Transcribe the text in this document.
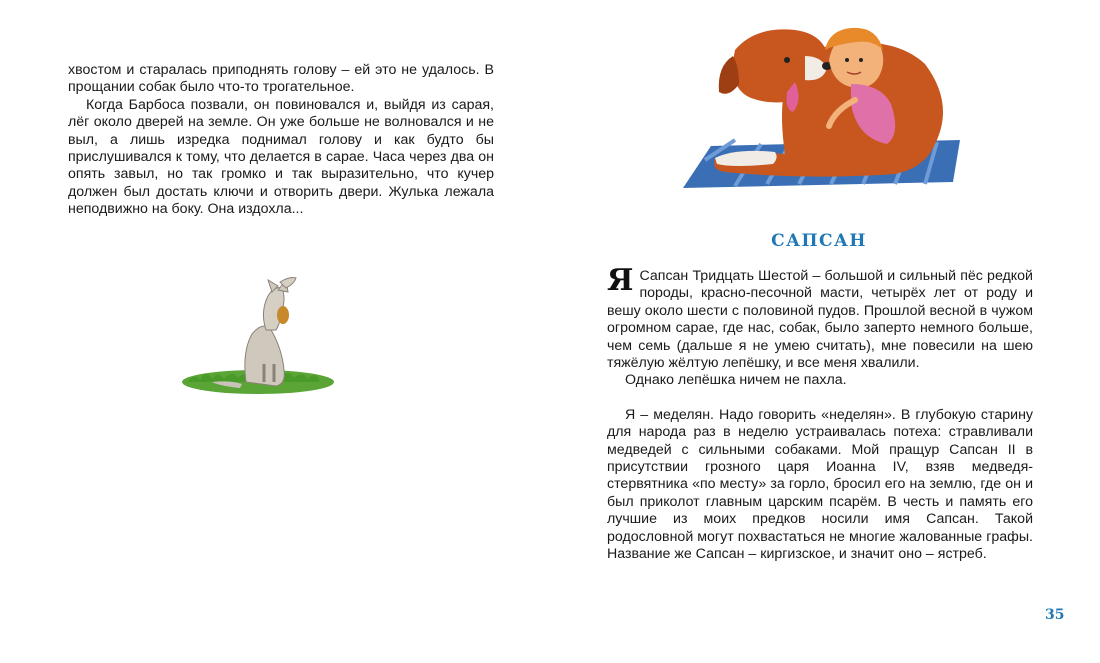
хвостом и старалась приподнять голову – ей это не удалось. В прощании собак было что-то трогательное.

Когда Барбоса позвали, он повиновался и, выйдя из сарая, лёг около дверей на земле. Он уже больше не волновался и не выл, а лишь изредка поднимал голову и как будто бы прислушивался к тому, что делается в сарае. Часа через два он опять завыл, но так громко и так выразительно, что кучер должен был достать ключи и отворить двери. Жулька лежала неподвижно на боку. Она издохла...

САПСАН

Я Сапсан Тридцать Шестой – большой и сильный пёс редкой породы, красно-песочной масти, четырёх лет от роду и вешу около шести с половиной пудов. Прошлой весной в чужом огромном сарае, где нас, собак, было заперто немного больше, чем семь (дальше я не умею считать), мне повесили на шею тяжёлую жёлтую лепёшку, и все меня хвалили.

Однако лепёшка ничем не пахла.

Я – меделян. Надо говорить «неделян». В глубокую старину для народа раз в неделю устраивалась потеха: стравливали медведей с сильными собаками. Мой пращур Сапсан II в присутствии грозного царя Иоанна IV, взяв медведя-стервятника «по месту» за горло, бросил его на землю, где он и был приколот главным царским псарём. В честь и память его лучшие из моих предков носили имя Сапсан. Такой родословной могут похвастаться не многие жалованные графы. Название же Сапсан – киргизское, и значит оно – ястреб.

35
